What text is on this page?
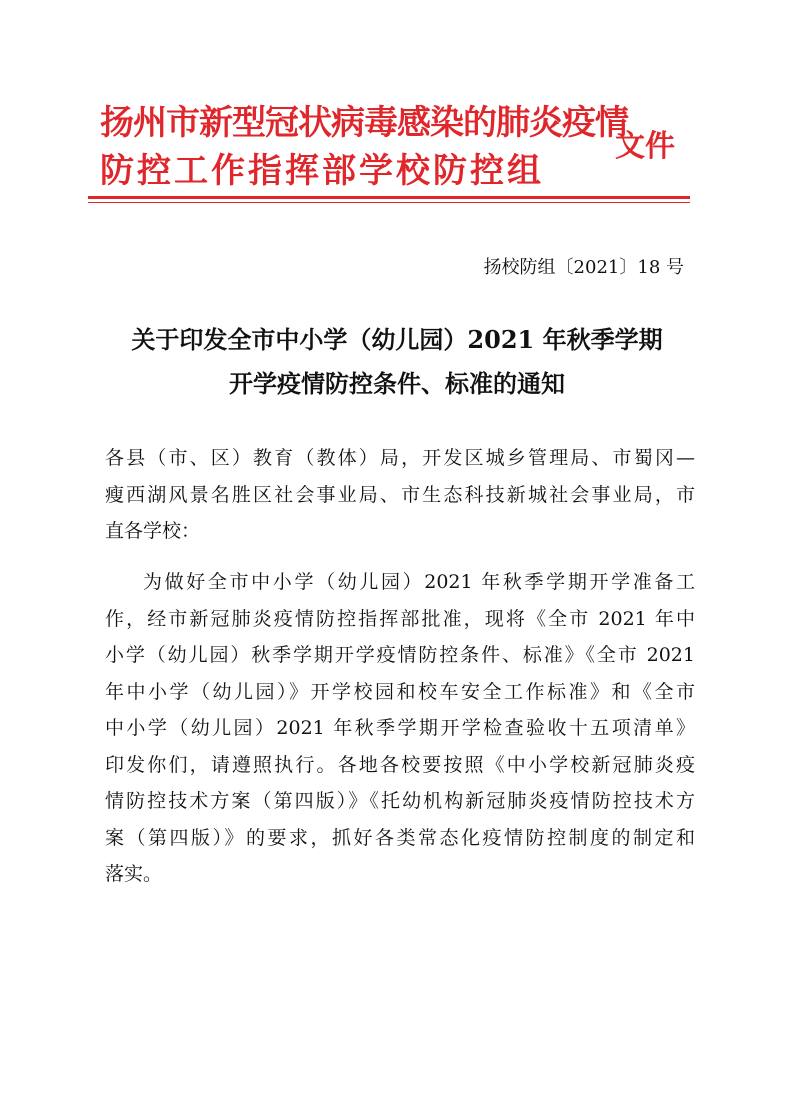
扬州市新型冠状病毒感染的肺炎疫情
防控工作指挥部学校防控组
文件
扬校防组〔2021〕18 号
关于印发全市中小学（幼儿园）2021 年秋季学期
开学疫情防控条件、标准的通知
各县（市、区）教育（教体）局，开发区城乡管理局、市蜀冈—
瘦西湖风景名胜区社会事业局、市生态科技新城社会事业局，市
直各学校：
为做好全市中小学（幼儿园）2021 年秋季学期开学准备工
作，经市新冠肺炎疫情防控指挥部批准，现将《全市 2021 年中
小学（幼儿园）秋季学期开学疫情防控条件、标准》《全市 2021
年中小学（幼儿园）》开学校园和校车安全工作标准》和《全市
中小学（幼儿园）2021 年秋季学期开学检查验收十五项清单》
印发你们，请遵照执行。各地各校要按照《中小学校新冠肺炎疫
情防控技术方案（第四版）》《托幼机构新冠肺炎疫情防控技术方
案（第四版）》的要求，抓好各类常态化疫情防控制度的制定和
落实。
